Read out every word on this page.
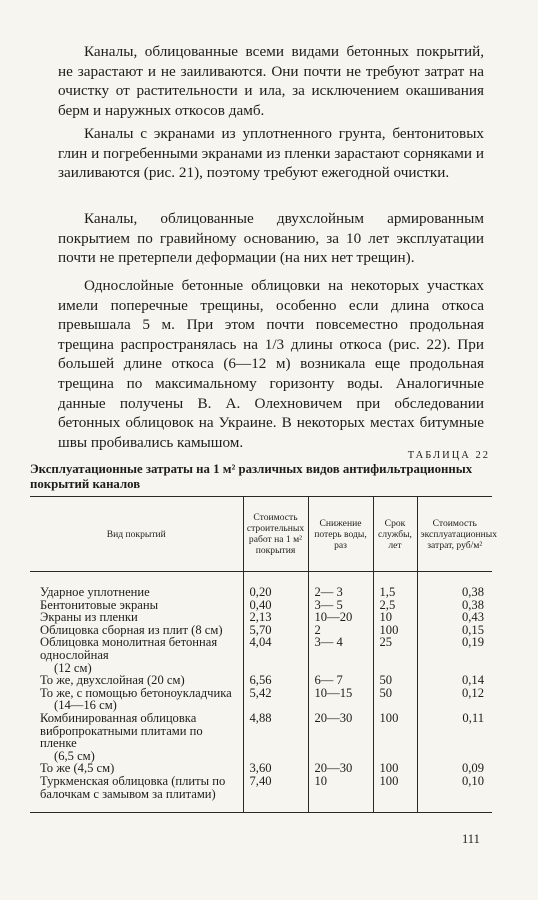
Каналы, облицованные всеми видами бетонных покрытий, не зарастают и не заиливаются. Они почти не требуют затрат на очистку от растительности и ила, за исключением окашивания берм и наружных откосов дамб.

Каналы с экранами из уплотненного грунта, бентонитовых глин и погребенными экранами из пленки зарастают сорняками и заиливаются (рис. 21), поэтому требуют ежегодной очистки.

Каналы, облицованные двухслойным армированным покрытием по гравийному основанию, за 10 лет эксплуатации почти не претерпели деформации (на них нет трещин).

Однослойные бетонные облицовки на некоторых участках имели поперечные трещины, особенно если длина откоса превышала 5 м. При этом почти повсеместно продольная трещина распространялась на 1/3 длины откоса (рис. 22). При большей длине откоса (6—12 м) возникала еще продольная трещина по максимальному горизонту воды. Аналогичные данные получены В. А. Олехновичем при обследовании бетонных облицовок на Украине. В некоторых местах битумные швы пробивались камышом.

ТАБЛИЦА 22

Эксплуатационные затраты на 1 м² различных видов антифильтрационных покрытий каналов

Вид покрытий	Стоимость строительных работ на 1 м² покрытия	Снижение потерь воды, раз	Срок службы, лет	Стоимость эксплуатационных затрат, руб/м²

Ударное уплотнение	0,20	2— 3	1,5	0,38
Бентонитовые экраны	0,40	3— 5	2,5	0,38
Экраны из пленки	2,13	10—20	10	0,43
Облицовка сборная из плит (8 см)	5,70	2	100	0,15
Облицовка монолитная бетонная однослойная
(12 см)	4,04	3— 4	25	0,19
То же, двухслойная (20 см)	6,56	6— 7	50	0,14
То же, с помощью бетоноукладчика
(14—16 см)	5,42	10—15	50	0,12
Комбинированная облицовка вибропрокатными плитами по пленке
(6,5 см)	4,88	20—30	100	0,11
То же (4,5 см)	3,60	20—30	100	0,09
Туркменская облицовка (плиты по балочкам с замывом за плитами)	7,40	10	100	0,10

111
